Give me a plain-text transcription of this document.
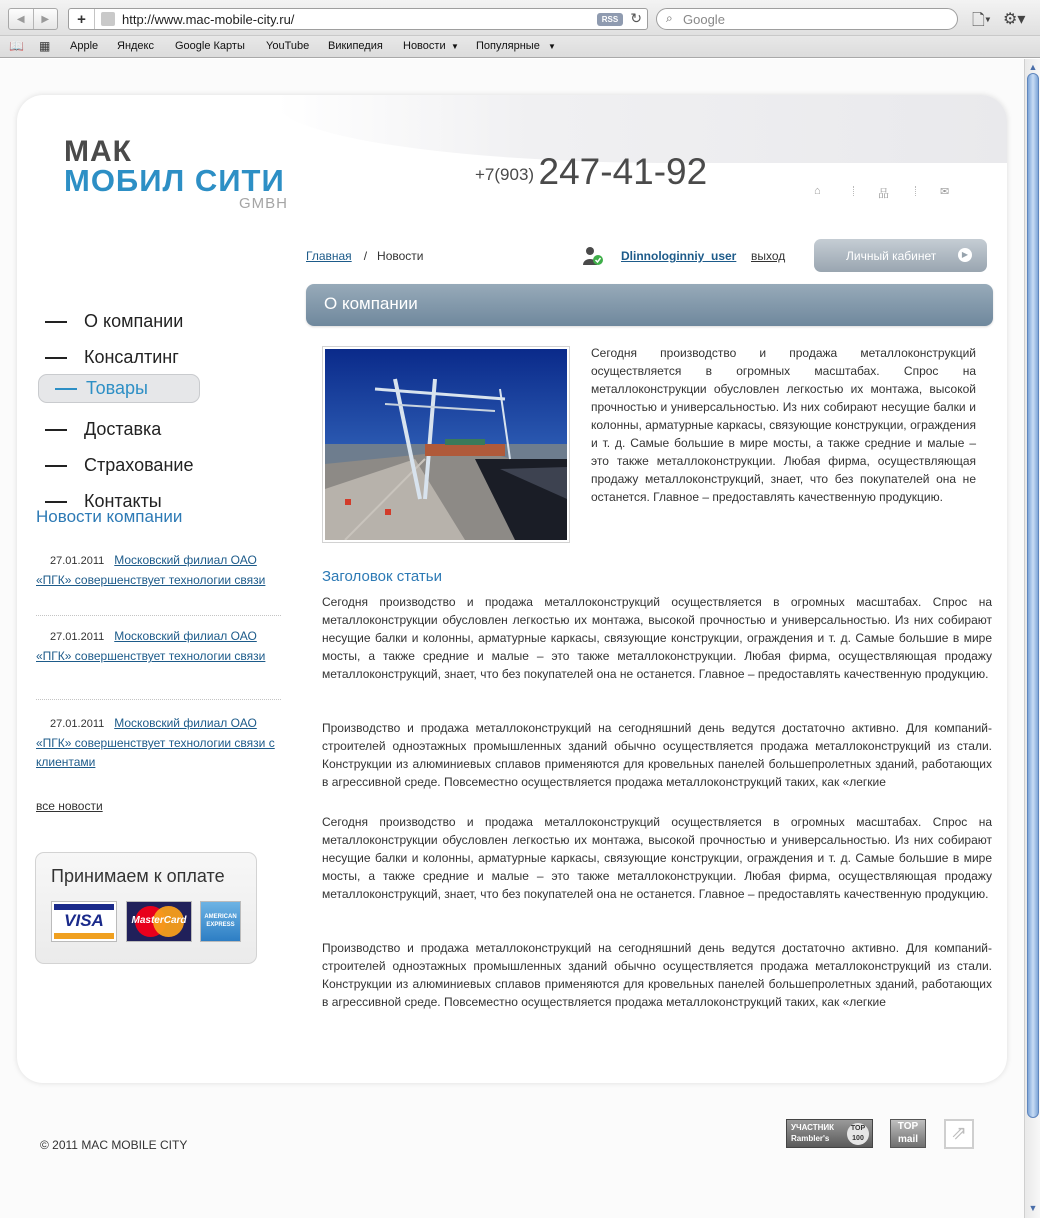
◀	▶	+	http://www.mac-mobile-city.ru/	RSS ↻ ⌕ Google	🗋▾ ⚙▾
📖 ▦ Apple Яндекс Google Карты YouTube Википедия Новости ▼ Популярные ▼
▲
▼
МАК
МОБИЛ СИТИ
GMBH
+7(903) 247-41-92	⌂	品	✉
Dlinnologinniy_user выход	Личный кабинет	▶
О компании
Консалтинг
Товары
Доставка
Страхование
Контакты
Новости компании
27.01.2011 Московский филиал ОАО «ПГК» совершенствует технологии связи
27.01.2011 Московский филиал ОАО «ПГК» совершенствует технологии связи
27.01.2011 Московский филиал ОАО «ПГК» совершенствует технологии связи с клиентами
все новости
Принимаем к оплате
VISA	MasterCard	AMERICAN EXPRESS
Главная / Новости
О компании
Сегодня производство и продажа металлоконструкций осуществляется в огромных масштабах. Спрос на металлоконструкции обусловлен легкостью их монтажа, высокой прочностью и универсальностью. Из них собирают несущие балки и колонны, арматурные каркасы, связующие конструкции, ограждения и т. д. Самые большие в мире мосты, а также средние и малые – это также металлоконструкции. Любая фирма, осуществляющая продажу металлоконструкций, знает, что без покупателей она не останется. Главное – предоставлять качественную продукцию.
Заголовок статьи
Сегодня производство и продажа металлоконструкций осуществляется в огромных масштабах. Спрос на металлоконструкции обусловлен легкостью их монтажа, высокой прочностью и универсальностью. Из них собирают несущие балки и колонны, арматурные каркасы, связующие конструкции, ограждения и т. д. Самые большие в мире мосты, а также средние и малые – это также металлоконструкции. Любая фирма, осуществляющая продажу металлоконструкций, знает, что без покупателей она не останется. Главное – предоставлять качественную продукцию.
Производство и продажа металлоконструкций на сегодняшний день ведутся достаточно активно. Для компаний-строителей одноэтажных промышленных зданий обычно осуществляется продажа металлоконструкций из стали. Конструкции из алюминиевых сплавов применяются для кровельных панелей большепролетных зданий, работающих в агрессивной среде. Повсеместно осуществляется продажа металлоконструкций таких, как «легкие
Сегодня производство и продажа металлоконструкций осуществляется в огромных масштабах. Спрос на металлоконструкции обусловлен легкостью их монтажа, высокой прочностью и универсальностью. Из них собирают несущие балки и колонны, арматурные каркасы, связующие конструкции, ограждения и т. д. Самые большие в мире мосты, а также средние и малые – это также металлоконструкции. Любая фирма, осуществляющая продажу металлоконструкций, знает, что без покупателей она не останется. Главное – предоставлять качественную продукцию.
Производство и продажа металлоконструкций на сегодняшний день ведутся достаточно активно. Для компаний-строителей одноэтажных промышленных зданий обычно осуществляется продажа металлоконструкций из стали. Конструкции из алюминиевых сплавов применяются для кровельных панелей большепролетных зданий, работающих в агрессивной среде. Повсеместно осуществляется продажа металлоконструкций таких, как «легкие
© 2011 MAC MOBILE CITY
УЧАСТНИК Rambler's
TOP 100
TOP mail	⇗
